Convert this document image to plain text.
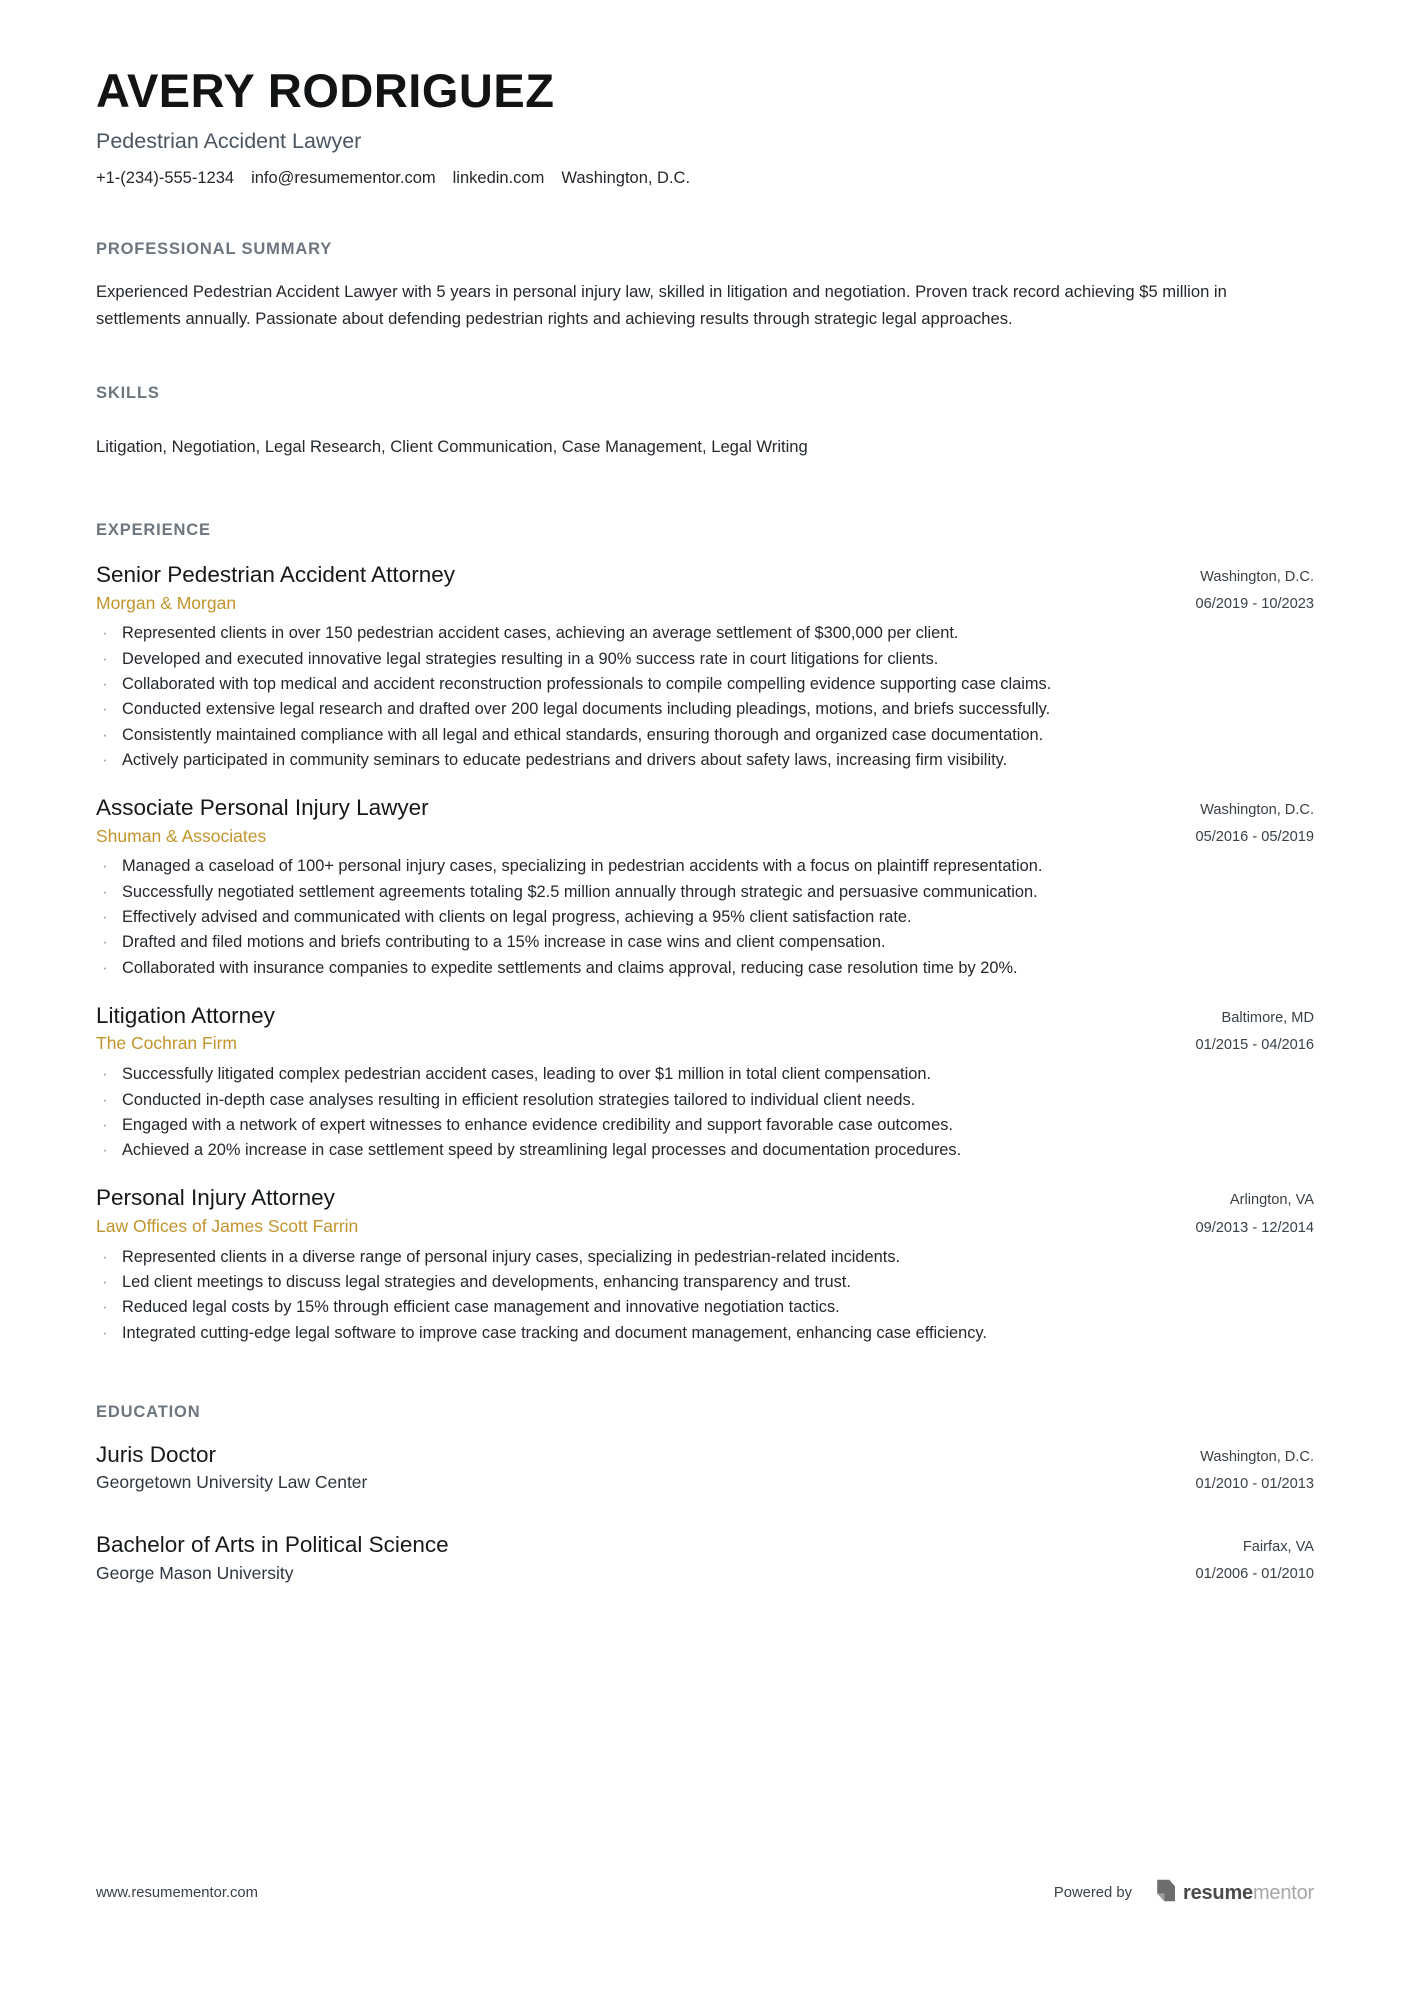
AVERY RODRIGUEZ
Pedestrian Accident Lawyer
+1-(234)-555-1234 info@resumementor.com linkedin.com Washington, D.C.
PROFESSIONAL SUMMARY

Experienced Pedestrian Accident Lawyer with 5 years in personal injury law, skilled in litigation and negotiation. Proven track record achieving $5 million in settlements annually. Passionate about defending pedestrian rights and achieving results through strategic legal approaches.

SKILLS

Litigation, Negotiation, Legal Research, Client Communication, Case Management, Legal Writing

EXPERIENCE
Senior Pedestrian Accident Attorney
Morgan & Morgan
Washington, D.C.
06/2019 - 10/2023
· Represented clients in over 150 pedestrian accident cases, achieving an average settlement of $300,000 per client.
· Developed and executed innovative legal strategies resulting in a 90% success rate in court litigations for clients.
· Collaborated with top medical and accident reconstruction professionals to compile compelling evidence supporting case claims.
· Conducted extensive legal research and drafted over 200 legal documents including pleadings, motions, and briefs successfully.
· Consistently maintained compliance with all legal and ethical standards, ensuring thorough and organized case documentation.
· Actively participated in community seminars to educate pedestrians and drivers about safety laws, increasing firm visibility.
Associate Personal Injury Lawyer
Shuman & Associates
Washington, D.C.
05/2016 - 05/2019
· Managed a caseload of 100+ personal injury cases, specializing in pedestrian accidents with a focus on plaintiff representation.
· Successfully negotiated settlement agreements totaling $2.5 million annually through strategic and persuasive communication.
· Effectively advised and communicated with clients on legal progress, achieving a 95% client satisfaction rate.
· Drafted and filed motions and briefs contributing to a 15% increase in case wins and client compensation.
· Collaborated with insurance companies to expedite settlements and claims approval, reducing case resolution time by 20%.
Litigation Attorney
The Cochran Firm
Baltimore, MD
01/2015 - 04/2016
· Successfully litigated complex pedestrian accident cases, leading to over $1 million in total client compensation.
· Conducted in-depth case analyses resulting in efficient resolution strategies tailored to individual client needs.
· Engaged with a network of expert witnesses to enhance evidence credibility and support favorable case outcomes.
· Achieved a 20% increase in case settlement speed by streamlining legal processes and documentation procedures.
Personal Injury Attorney
Law Offices of James Scott Farrin
Arlington, VA
09/2013 - 12/2014
· Represented clients in a diverse range of personal injury cases, specializing in pedestrian-related incidents.
· Led client meetings to discuss legal strategies and developments, enhancing transparency and trust.
· Reduced legal costs by 15% through efficient case management and innovative negotiation tactics.
· Integrated cutting-edge legal software to improve case tracking and document management, enhancing case efficiency.
EDUCATION
Juris Doctor
Georgetown University Law Center
Washington, D.C.
01/2010 - 01/2013
Bachelor of Arts in Political Science
George Mason University
Fairfax, VA
01/2006 - 01/2010
www.resumementor.com	Powered by	resumementor
